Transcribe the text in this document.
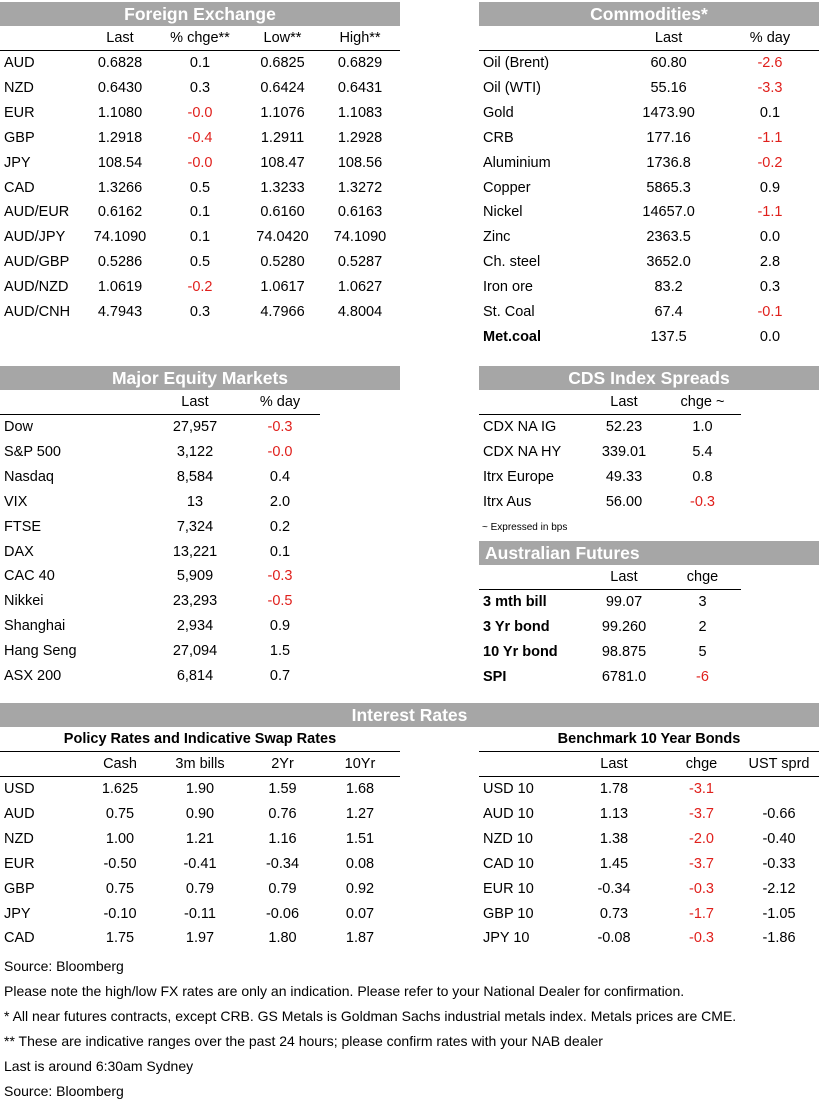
Foreign Exchange
	Last	% chge**	Low**	High**
AUD	0.6828	0.1	0.6825	0.6829
NZD	0.6430	0.3	0.6424	0.6431
EUR	1.1080	-0.0	1.1076	1.1083
GBP	1.2918	-0.4	1.2911	1.2928
JPY	108.54	-0.0	108.47	108.56
CAD	1.3266	0.5	1.3233	1.3272
AUD/EUR	0.6162	0.1	0.6160	0.6163
AUD/JPY	74.1090	0.1	74.0420	74.1090
AUD/GBP	0.5286	0.5	0.5280	0.5287
AUD/NZD	1.0619	-0.2	1.0617	1.0627
AUD/CNH	4.7943	0.3	4.7966	4.8004
Commodities*
	Last	% day
Oil (Brent)	60.80	-2.6
Oil (WTI)	55.16	-3.3
Gold	1473.90	0.1
CRB	177.16	-1.1
Aluminium	1736.8	-0.2
Copper	5865.3	0.9
Nickel	14657.0	-1.1
Zinc	2363.5	0.0
Ch. steel	3652.0	2.8
Iron ore	83.2	0.3
St. Coal	67.4	-0.1
Met.coal	137.5	0.0
Major Equity Markets
	Last	% day
Dow	27,957	-0.3
S&P 500	3,122	-0.0
Nasdaq	8,584	0.4
VIX	13	2.0
FTSE	7,324	0.2
DAX	13,221	0.1
CAC 40	5,909	-0.3
Nikkei	23,293	-0.5
Shanghai	2,934	0.9
Hang Seng	27,094	1.5
ASX 200	6,814	0.7
CDS Index Spreads
	Last	chge ~
CDX NA IG	52.23	1.0
CDX NA HY	339.01	5.4
Itrx Europe	49.33	0.8
Itrx Aus	56.00	-0.3
~ Expressed in bps
Australian Futures
	Last	chge
3 mth bill	99.07	3
3 Yr bond	99.260	2
10 Yr bond	98.875	5
SPI	6781.0	-6
Interest Rates
Policy Rates and Indicative Swap Rates
	Cash	3m bills	2Yr	10Yr
USD	1.625	1.90	1.59	1.68
AUD	0.75	0.90	0.76	1.27
NZD	1.00	1.21	1.16	1.51
EUR	-0.50	-0.41	-0.34	0.08
GBP	0.75	0.79	0.79	0.92
JPY	-0.10	-0.11	-0.06	0.07
CAD	1.75	1.97	1.80	1.87
Benchmark 10 Year Bonds
	Last	chge	UST sprd
USD 10	1.78	-3.1	
AUD 10	1.13	-3.7	-0.66
NZD 10	1.38	-2.0	-0.40
CAD 10	1.45	-3.7	-0.33
EUR 10	-0.34	-0.3	-2.12
GBP 10	0.73	-1.7	-1.05
JPY 10	-0.08	-0.3	-1.86
Source: Bloomberg
Please note the high/low FX rates are only an indication. Please refer to your National Dealer for confirmation.
* All near futures contracts, except CRB. GS Metals is Goldman Sachs industrial metals index. Metals prices are CME.
** These are indicative ranges over the past 24 hours; please confirm rates with your NAB dealer
Last is around 6:30am Sydney
Source: Bloomberg
